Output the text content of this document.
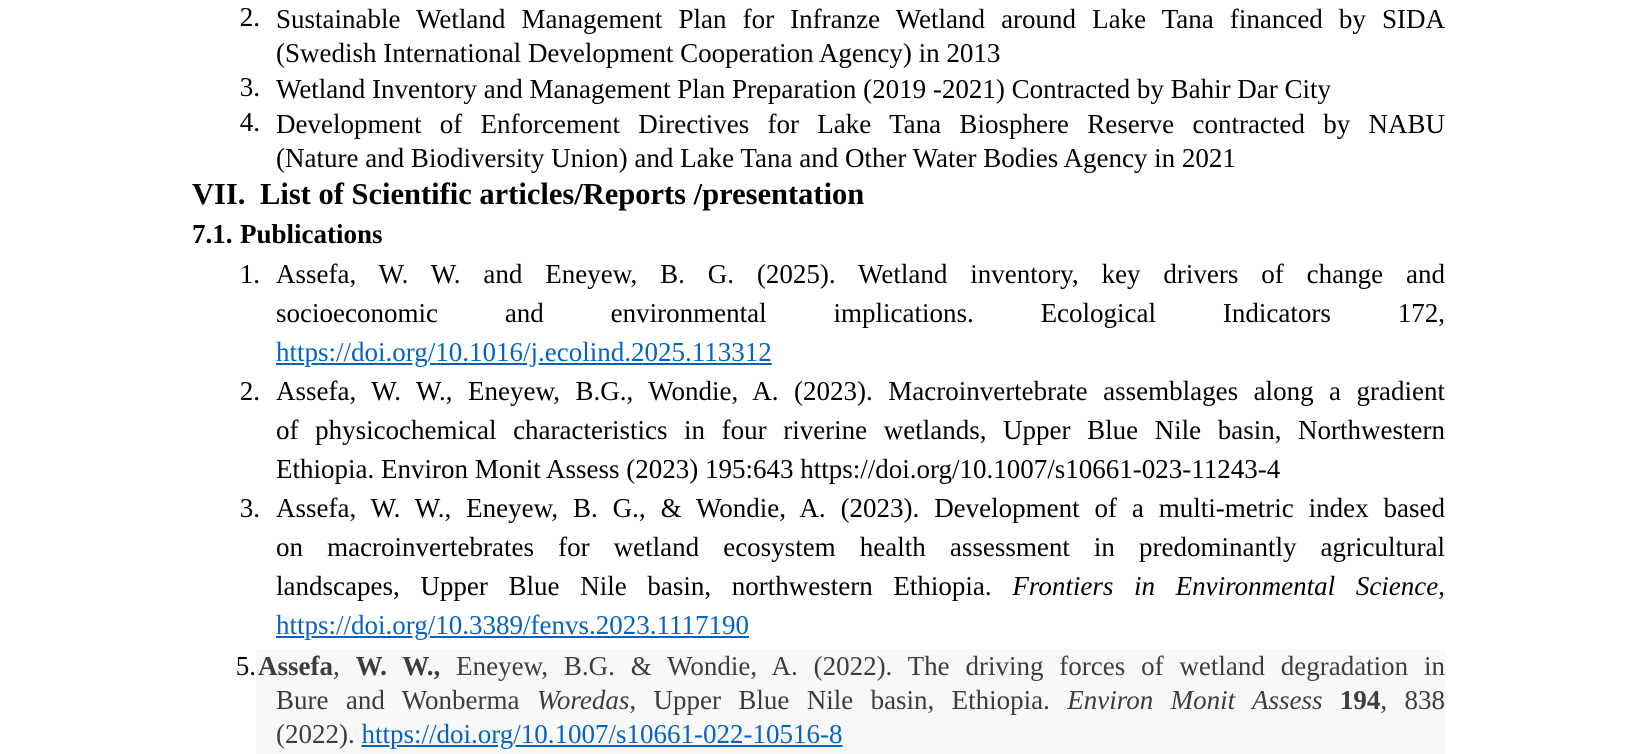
2. Sustainable Wetland Management Plan for Infranze Wetland around Lake Tana financed by SIDA
(Swedish International Development Cooperation Agency) in 2013
3. Wetland Inventory and Management Plan Preparation (2019 -2021) Contracted by Bahir Dar City
4. Development of Enforcement Directives for Lake Tana Biosphere Reserve contracted by NABU
(Nature and Biodiversity Union) and Lake Tana and Other Water Bodies Agency in 2021
VII. List of Scientific articles/Reports /presentation
7.1. Publications
1. Assefa, W. W. and Eneyew, B. G. (2025). Wetland inventory, key drivers of change and
socioeconomic and environmental implications. Ecological Indicators 172,
https://doi.org/10.1016/j.ecolind.2025.113312
2. Assefa, W. W., Eneyew, B.G., Wondie, A. (2023). Macroinvertebrate assemblages along a gradient
of physicochemical characteristics in four riverine wetlands, Upper Blue Nile basin, Northwestern
Ethiopia. Environ Monit Assess (2023) 195:643 https://doi.org/10.1007/s10661-023-11243-4
3. Assefa, W. W., Eneyew, B. G., & Wondie, A. (2023). Development of a multi-metric index based
on macroinvertebrates for wetland ecosystem health assessment in predominantly agricultural
landscapes, Upper Blue Nile basin, northwestern Ethiopia. Frontiers in Environmental Science,
https://doi.org/10.3389/fenvs.2023.1117190
5. Assefa, W. W., Eneyew, B.G. & Wondie, A. (2022). The driving forces of wetland degradation in
Bure and Wonberma Woredas, Upper Blue Nile basin, Ethiopia. Environ Monit Assess 194, 838
(2022). https://doi.org/10.1007/s10661-022-10516-8
